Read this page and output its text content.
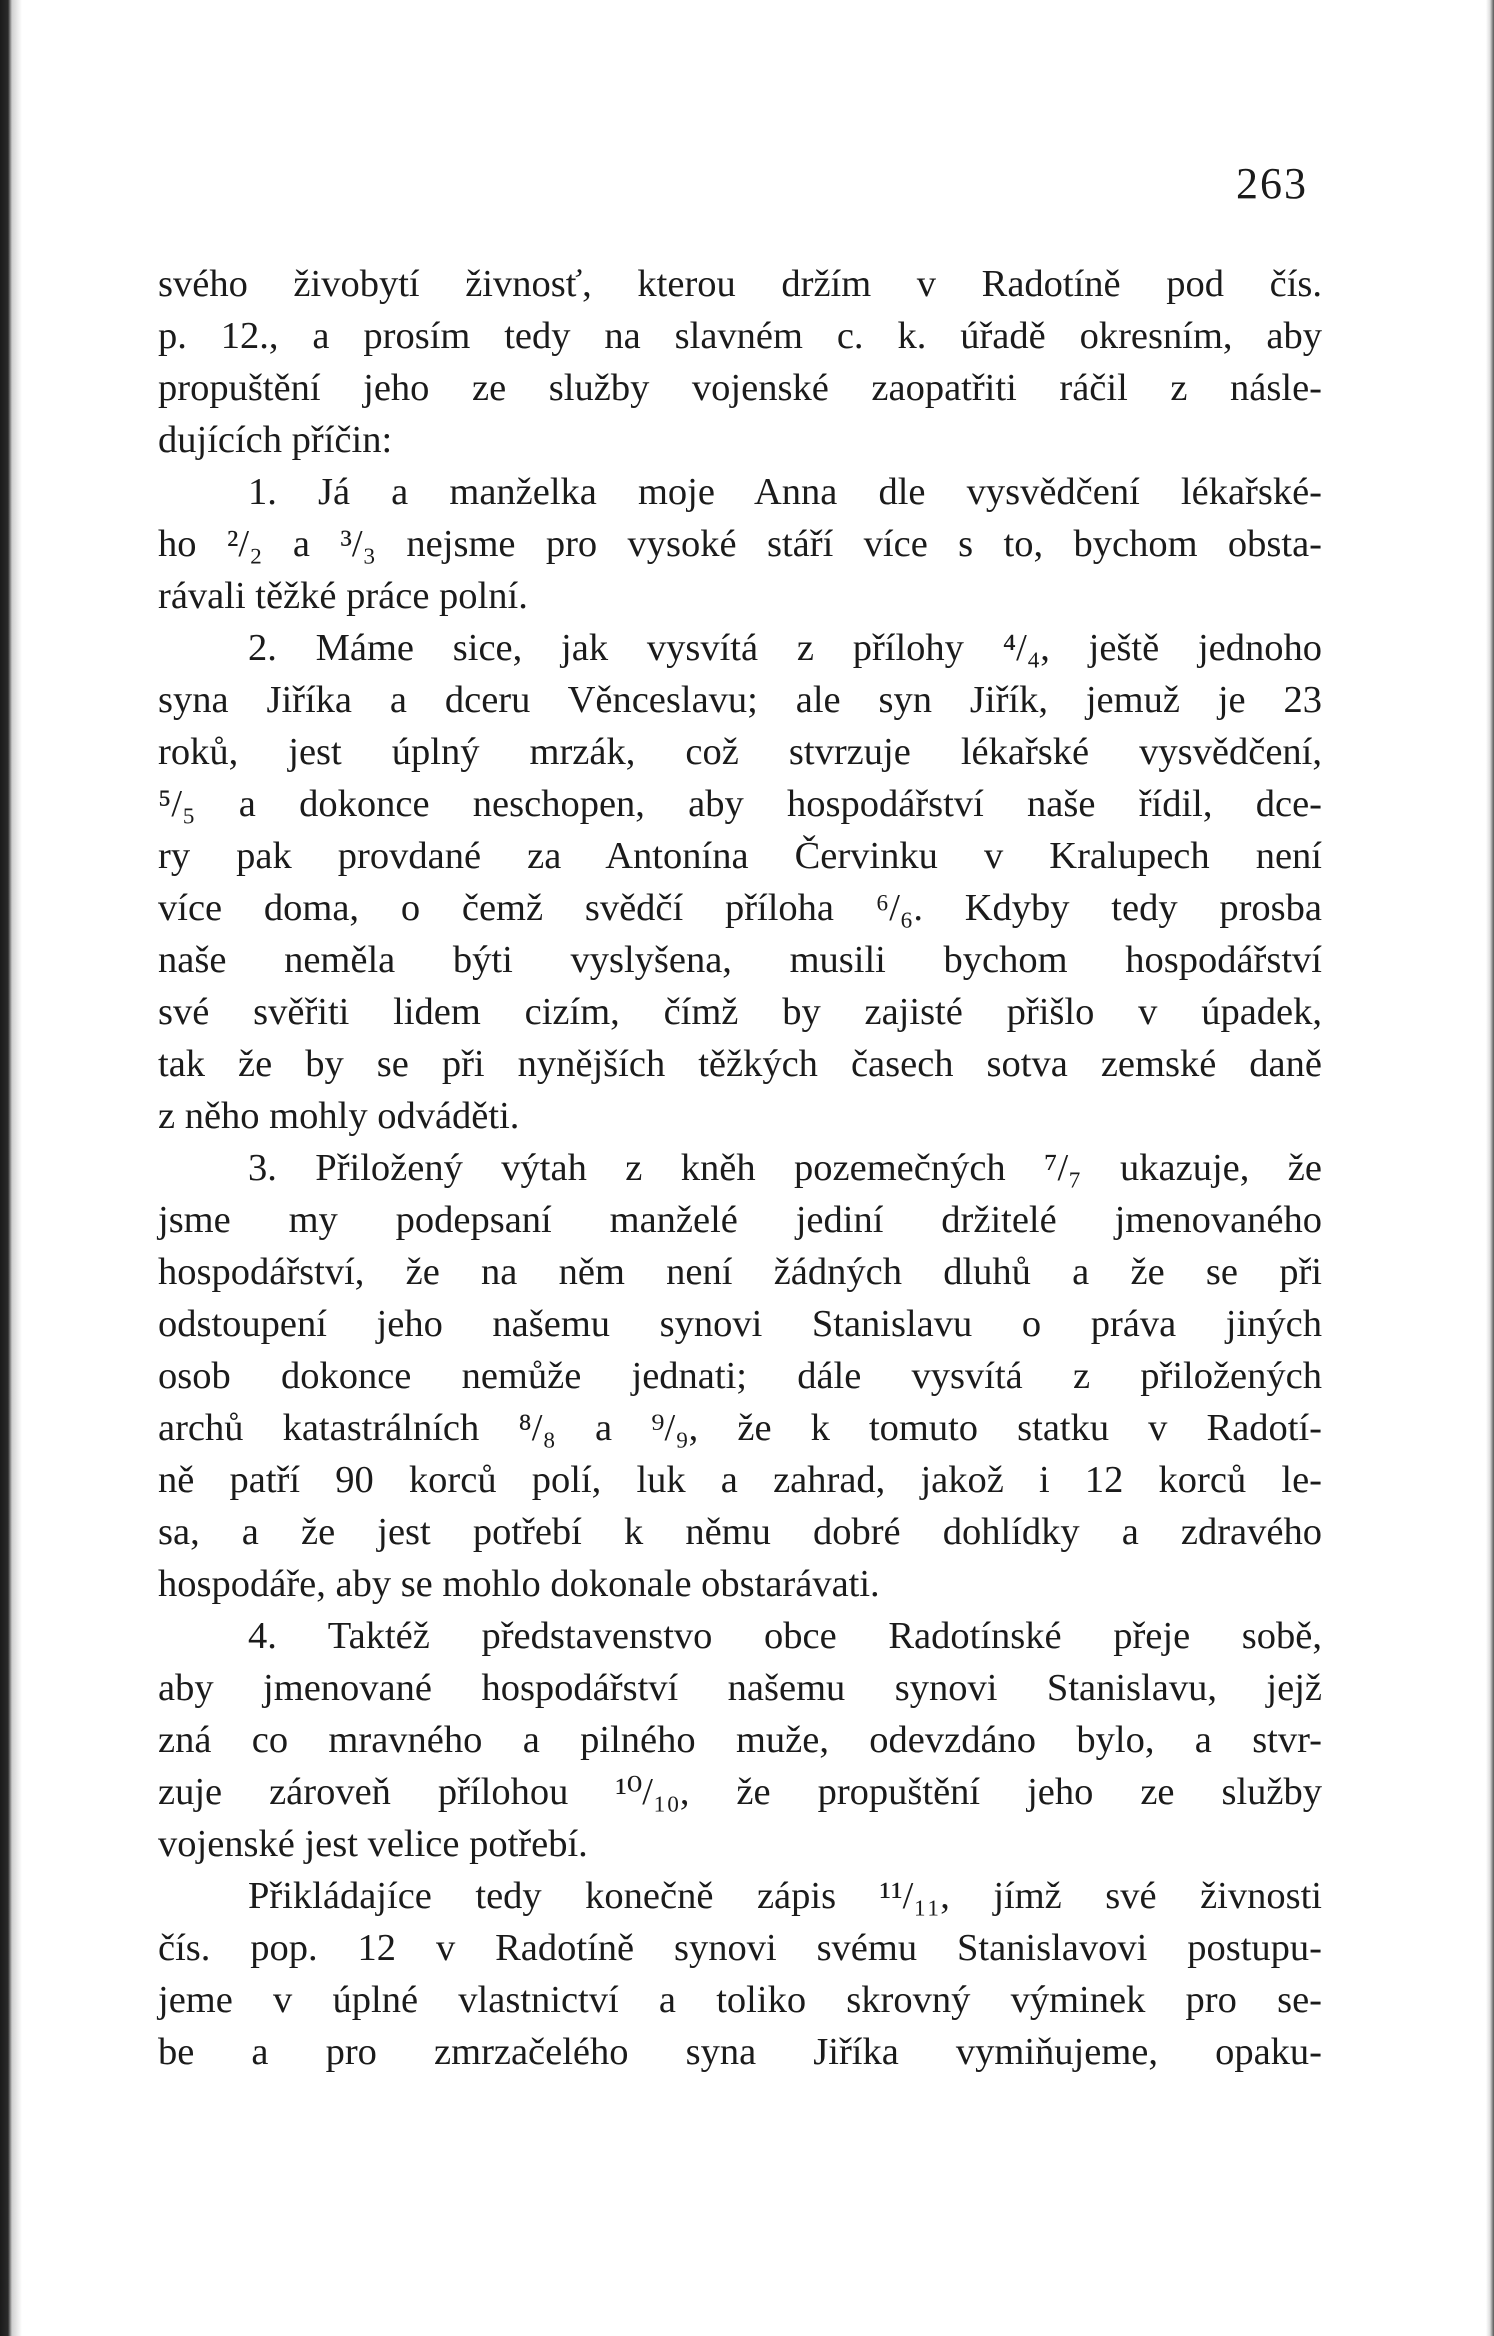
263
svého živobytí živnosť, kterou držím v Radotíně pod čís.
p. 12., a prosím tedy na slavném c. k. úřadě okresním, aby
propuštění jeho ze služby vojenské zaopatřiti ráčil z násle-
dujících příčin:
1. Já a manželka moje Anna dle vysvědčení lékařské-
ho ²/₂ a ³/₃ nejsme pro vysoké stáří více s to, bychom obsta-
rávali těžké práce polní.
2. Máme sice, jak vysvítá z přílohy ⁴/₄, ještě jednoho
syna Jiříka a dceru Věnceslavu; ale syn Jiřík, jemuž je 23
roků, jest úplný mrzák, což stvrzuje lékařské vysvědčení,
⁵/₅ a dokonce neschopen, aby hospodářství naše řídil, dce-
ry pak provdané za Antonína Červinku v Kralupech není
více doma, o čemž svědčí příloha ⁶/₆. Kdyby tedy prosba
naše neměla býti vyslyšena, musili bychom hospodářství
své svěřiti lidem cizím, čímž by zajisté přišlo v úpadek,
tak že by se při nynějších těžkých časech sotva zemské daně
z něho mohly odváděti.
3. Přiložený výtah z kněh pozemečných ⁷/₇ ukazuje, že
jsme my podepsaní manželé jediní držitelé jmenovaného
hospodářství, že na něm není žádných dluhů a že se při
odstoupení jeho našemu synovi Stanislavu o práva jiných
osob dokonce nemůže jednati; dále vysvítá z přiložených
archů katastrálních ⁸/₈ a ⁹/₉, že k tomuto statku v Radotí-
ně patří 90 korců polí, luk a zahrad, jakož i 12 korců le-
sa, a že jest potřebí k němu dobré dohlídky a zdravého
hospodáře, aby se mohlo dokonale obstarávati.
4. Taktéž představenstvo obce Radotínské přeje sobě,
aby jmenované hospodářství našemu synovi Stanislavu, jejž
zná co mravného a pilného muže, odevzdáno bylo, a stvr-
zuje zároveň přílohou ¹⁰/₁₀, že propuštění jeho ze služby
vojenské jest velice potřebí.
Přikládajíce tedy konečně zápis ¹¹/₁₁, jímž své živnosti
čís. pop. 12 v Radotíně synovi svému Stanislavovi postupu-
jeme v úplné vlastnictví a toliko skrovný výminek pro se-
be a pro zmrzačelého syna Jiříka vymiňujeme, opaku-
